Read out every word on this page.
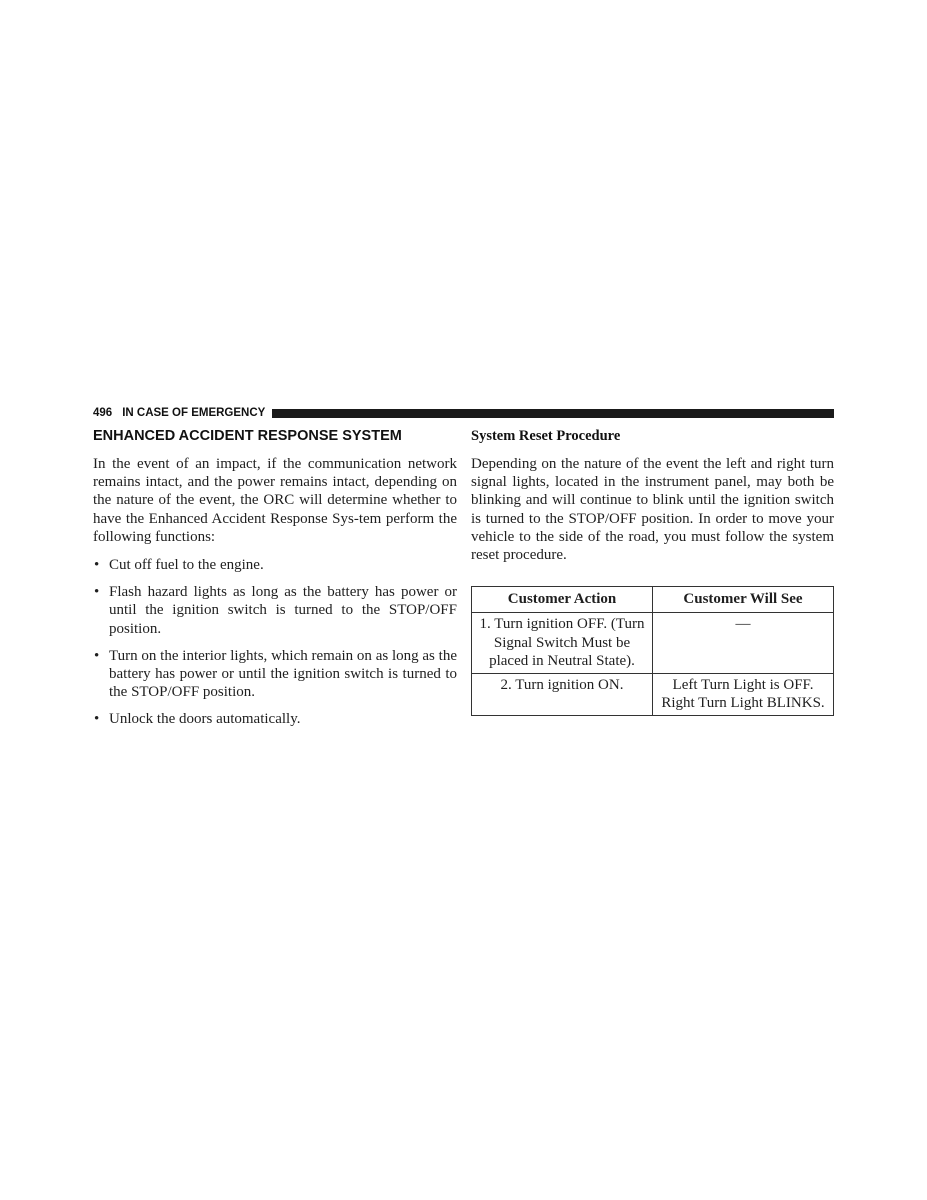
496 IN CASE OF EMERGENCY
ENHANCED ACCIDENT RESPONSE SYSTEM

In the event of an impact, if the communication network remains intact, and the power remains intact, depending on the nature of the event, the ORC will determine whether to have the Enhanced Accident Response Sys-tem perform the following functions:

• Cut off fuel to the engine.
• Flash hazard lights as long as the battery has power or until the ignition switch is turned to the STOP/OFF position.
• Turn on the interior lights, which remain on as long as the battery has power or until the ignition switch is turned to the STOP/OFF position.
• Unlock the doors automatically.
System Reset Procedure

Depending on the nature of the event the left and right turn signal lights, located in the instrument panel, may both be blinking and will continue to blink until the ignition switch is turned to the STOP/OFF position. In order to move your vehicle to the side of the road, you must follow the system reset procedure.

Customer Action	Customer Will See
1. Turn ignition OFF. (Turn Signal Switch Must be placed in Neutral State).	—
2. Turn ignition ON.	Left Turn Light is OFF. Right Turn Light BLINKS.
